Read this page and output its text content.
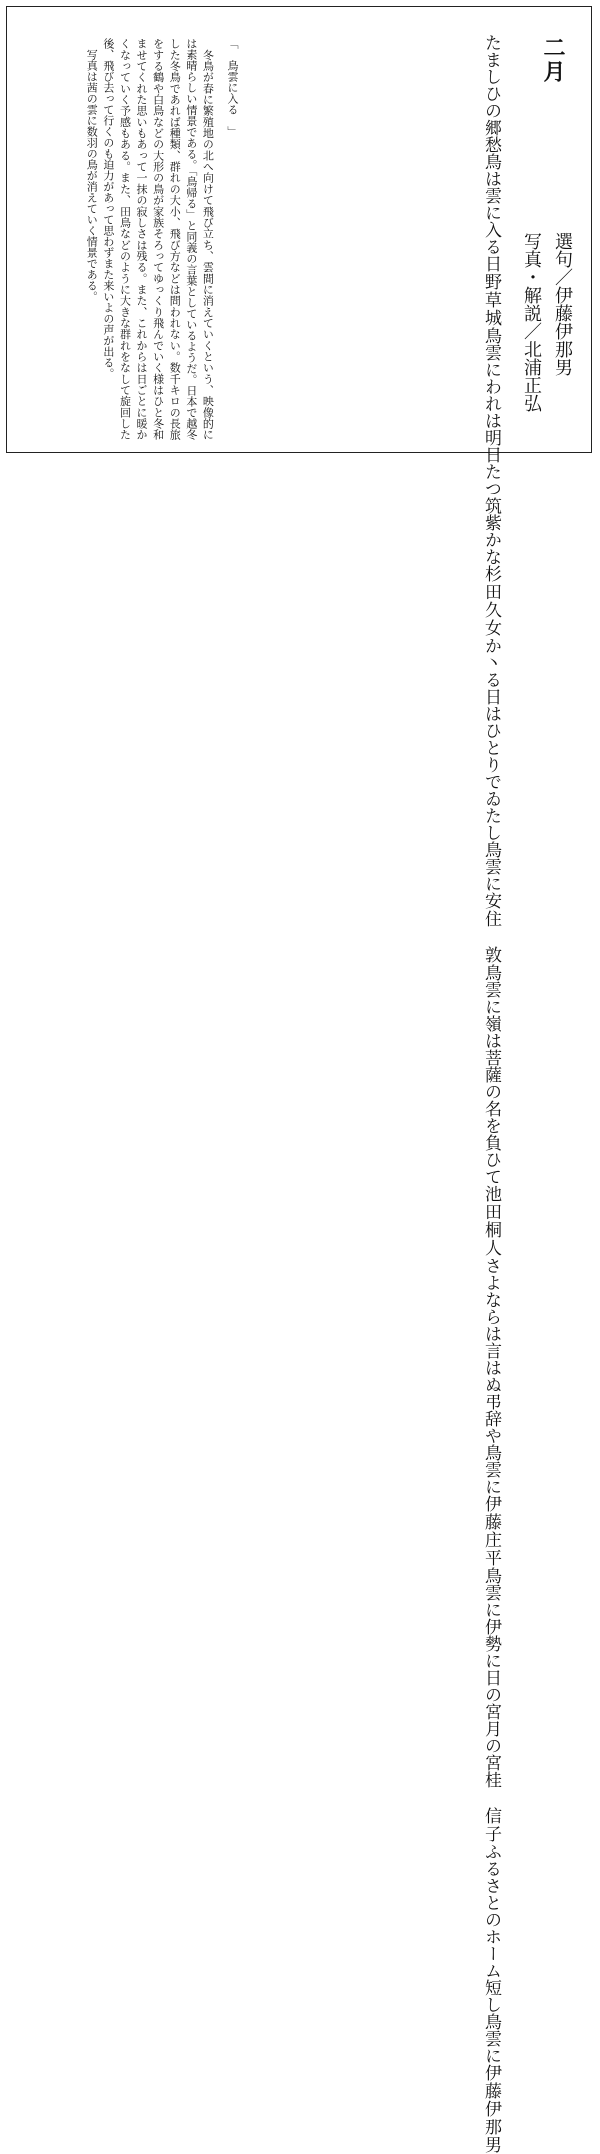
二月
選句／伊藤伊那男
写真・解説／北浦正弘
たましひの郷愁鳥は雲に入る
日野草城
鳥雲にわれは明日たつ筑紫かな
杉田久女
か丶る日はひとりでゐたし鳥雲に
安住　敦
鳥雲に嶺は菩薩の名を負ひて
池田桐人
さよならは言はぬ弔辞や鳥雲に
伊藤庄平
鳥雲に伊勢に日の宮月の宮
桂　信子
ふるさとのホーム短し鳥雲に
伊藤伊那男
「　鳥雲に入る　」
　冬鳥が春に繁殖地の北へ向けて飛び立ち、雲間に消えていくという、映像的には素晴らしい情景である。「鳥帰る」と同義の言葉としているようだ。日本で越冬した冬鳥であれば種類、群れの大小、飛び方などは問われない。数千キロの長旅をする鶴や白鳥などの大形の鳥が家族そろってゆっくり飛んでいく様はひと冬和ませてくれた思いもあって一抹の寂しさは残る。また、これからは日ごとに暖かくなっていく予感もある。また、田鳥などのように大きな群れをなして旋回した後、飛び去って行くのも迫力があって思わずまた来いよの声が出る。
　写真は茜の雲に数羽の鳥が消えていく情景である。
